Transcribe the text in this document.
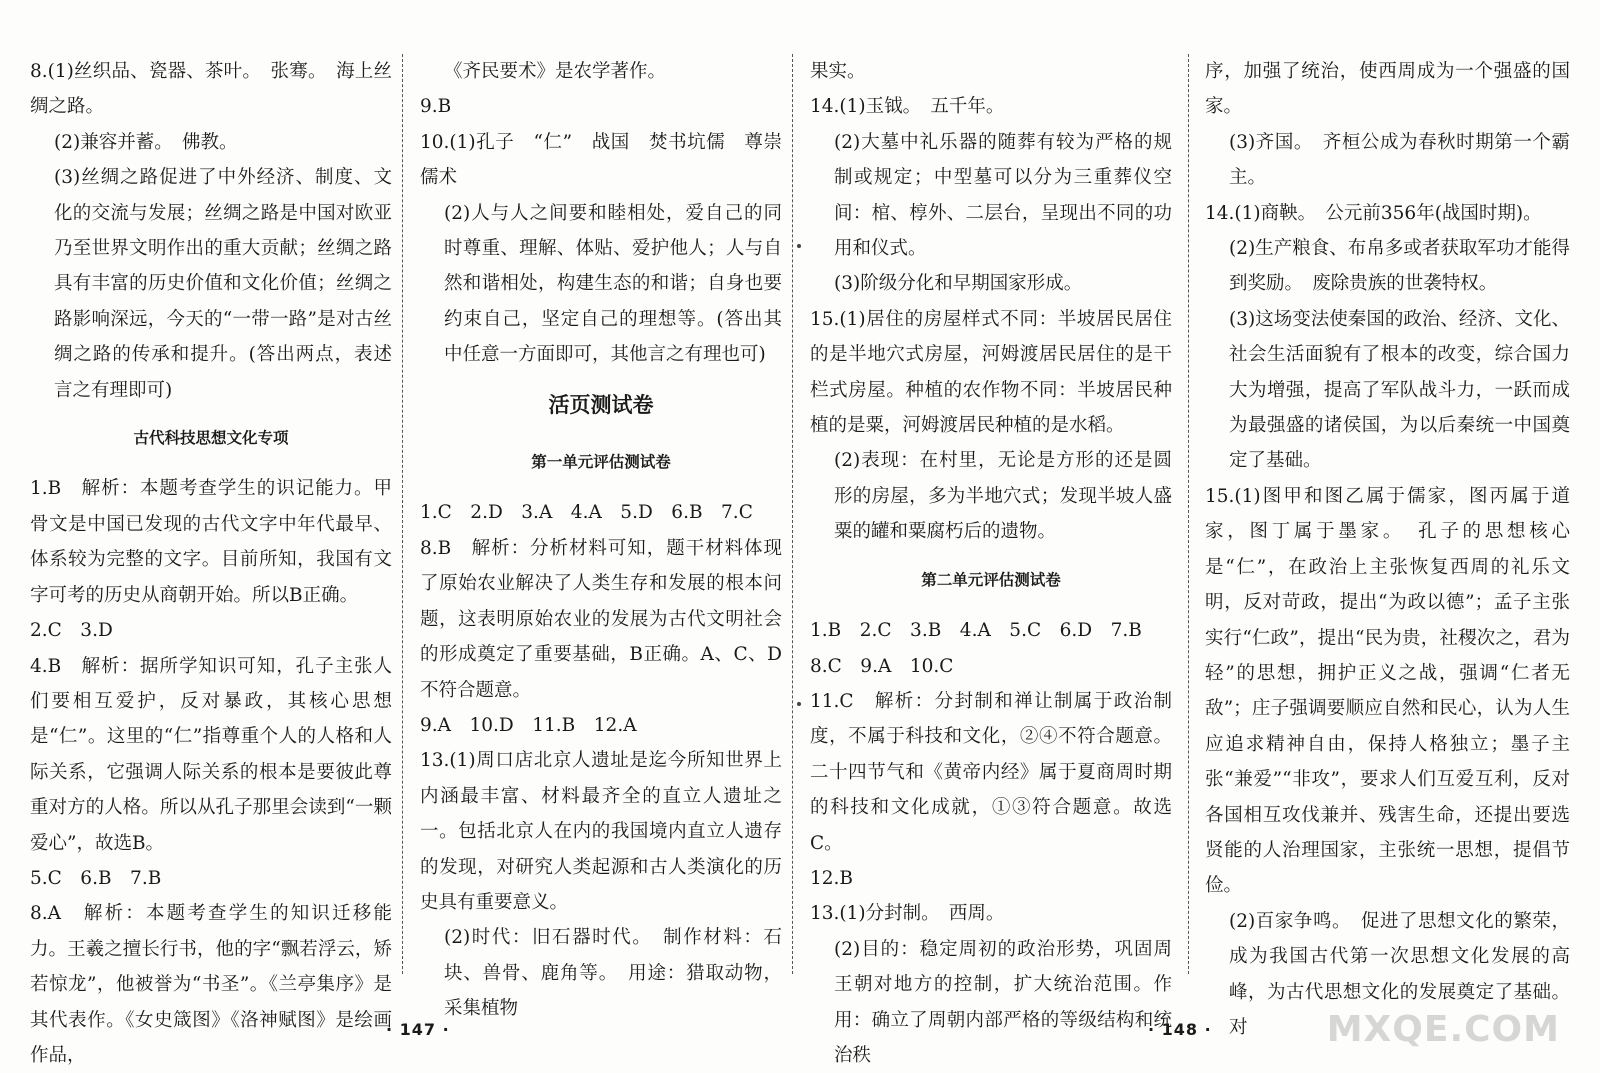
8.(1)丝织品、瓷器、茶叶。　张骞。　海上丝绸之路。

(2)兼容并蓄。　佛教。

(3)丝绸之路促进了中外经济、制度、文化的交流与发展；丝绸之路是中国对欧亚乃至世界文明作出的重大贡献；丝绸之路具有丰富的历史价值和文化价值；丝绸之路影响深远，今天的“一带一路”是对古丝绸之路的传承和提升。(答出两点，表述言之有理即可)

古代科技思想文化专项

1.B　解析：本题考查学生的识记能力。甲骨文是中国已发现的古代文字中年代最早、体系较为完整的文字。目前所知，我国有文字可考的历史从商朝开始。所以B正确。

2.C　3.D

4.B　解析：据所学知识可知，孔子主张人们要相互爱护，反对暴政，其核心思想是“仁”。这里的“仁”指尊重个人的人格和人际关系，它强调人际关系的根本是要彼此尊重对方的人格。所以从孔子那里会读到“一颗爱心”，故选B。

5.C　6.B　7.B

8.A　解析：本题考查学生的知识迁移能力。王羲之擅长行书，他的字“飘若浮云，矫若惊龙”，他被誉为“书圣”。《兰亭集序》是其代表作。《女史箴图》《洛神赋图》是绘画作品，

《齐民要术》是农学著作。

9.B

10.(1)孔子　“仁”　战国　焚书坑儒　尊崇儒术

(2)人与人之间要和睦相处，爱自己的同时尊重、理解、体贴、爱护他人；人与自然和谐相处，构建生态的和谐；自身也要约束自己，坚定自己的理想等。(答出其中任意一方面即可，其他言之有理也可)

活页测试卷

第一单元评估测试卷

1.C　2.D　3.A　4.A　5.D　6.B　7.C

8.B　解析：分析材料可知，题干材料体现了原始农业解决了人类生存和发展的根本问题，这表明原始农业的发展为古代文明社会的形成奠定了重要基础，B正确。A、C、D不符合题意。

9.A　10.D　11.B　12.A

13.(1)周口店北京人遗址是迄今所知世界上内涵最丰富、材料最齐全的直立人遗址之一。包括北京人在内的我国境内直立人遗存的发现，对研究人类起源和古人类演化的历史具有重要意义。

(2)时代：旧石器时代。　制作材料：石块、兽骨、鹿角等。　用途：猎取动物，采集植物

果实。

14.(1)玉钺。　五千年。

(2)大墓中礼乐器的随葬有较为严格的规制或规定；中型墓可以分为三重葬仪空间：棺、椁外、二层台，呈现出不同的功用和仪式。

(3)阶级分化和早期国家形成。

15.(1)居住的房屋样式不同：半坡居民居住的是半地穴式房屋，河姆渡居民居住的是干栏式房屋。种植的农作物不同：半坡居民种植的是粟，河姆渡居民种植的是水稻。

(2)表现：在村里，无论是方形的还是圆形的房屋，多为半地穴式；发现半坡人盛粟的罐和粟腐朽后的遗物。

第二单元评估测试卷

1.B　2.C　3.B　4.A　5.C　6.D　7.B

8.C　9.A　10.C

11.C　解析：分封制和禅让制属于政治制度，不属于科技和文化，②④不符合题意。二十四节气和《黄帝内经》属于夏商周时期的科技和文化成就，①③符合题意。故选C。

12.B

13.(1)分封制。　西周。

(2)目的：稳定周初的政治形势，巩固周王朝对地方的控制，扩大统治范围。作用：确立了周朝内部严格的等级结构和统治秩

序，加强了统治，使西周成为一个强盛的国家。

(3)齐国。　齐桓公成为春秋时期第一个霸主。

14.(1)商鞅。　公元前356年(战国时期)。

(2)生产粮食、布帛多或者获取军功才能得到奖励。　废除贵族的世袭特权。

(3)这场变法使秦国的政治、经济、文化、社会生活面貌有了根本的改变，综合国力大为增强，提高了军队战斗力，一跃而成为最强盛的诸侯国，为以后秦统一中国奠定了基础。

15.(1)图甲和图乙属于儒家，图丙属于道家，图丁属于墨家。　孔子的思想核心是“仁”，在政治上主张恢复西周的礼乐文明，反对苛政，提出“为政以德”；孟子主张实行“仁政”，提出“民为贵，社稷次之，君为轻”的思想，拥护正义之战，强调“仁者无敌”；庄子强调要顺应自然和民心，认为人生应追求精神自由，保持人格独立；墨子主张“兼爱”“非攻”，要求人们互爱互利，反对各国相互攻伐兼并、残害生命，还提出要选贤能的人治理国家，主张统一思想，提倡节俭。

(2)百家争鸣。　促进了思想文化的繁荣，成为我国古代第一次思想文化发展的高峰，为古代思想文化的发展奠定了基础。对

· 147 ·	· 148 ·	MXQE.COM
